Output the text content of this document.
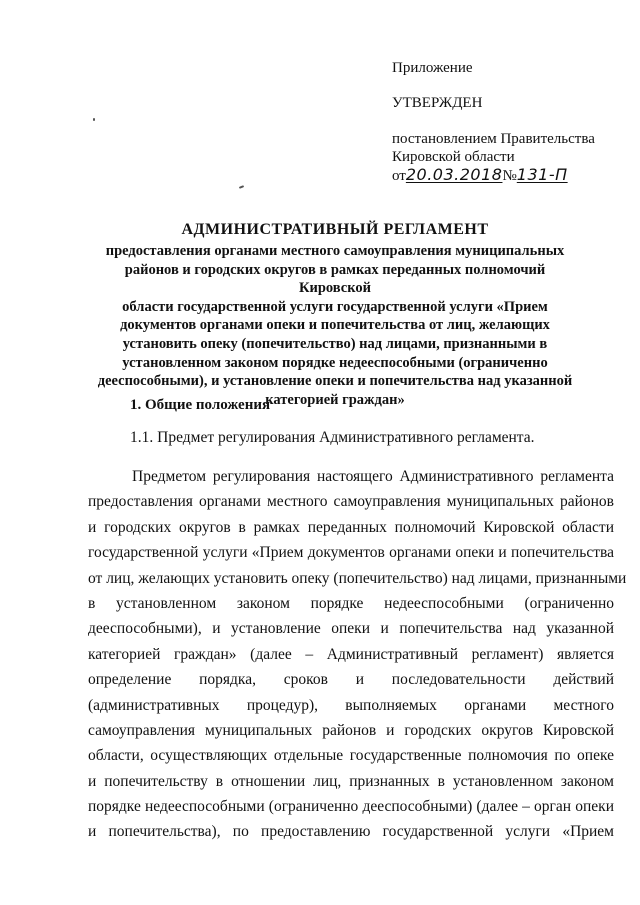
Приложение
УТВЕРЖДЕН
постановлением Правительства
Кировской области
от20.03.2018№131-П

АДМИНИСТРАТИВНЫЙ РЕГЛАМЕНТ

предоставления органами местного самоуправления муниципальных
районов и городских округов в рамках переданных полномочий Кировской
области государственной услуги государственной услуги «Прием
документов органами опеки и попечительства от лиц, желающих
установить опеку (попечительство) над лицами, признанными в
установленном законом порядке недееспособными (ограниченно
дееспособными), и установление опеки и попечительства над указанной
категорией граждан»

1. Общие положения
1.1. Предмет регулирования Административного регламента.
Предметом регулирования настоящего Административного регламента
предоставления органами местного самоуправления муниципальных районов
и городских округов в рамках переданных полномочий Кировской области
государственной услуги «Прием документов органами опеки и попечительства
от лиц, желающих установить опеку (попечительство) над лицами, признанными
в установленном законом порядке недееспособными (ограниченно
дееспособными), и установление опеки и попечительства над указанной
категорией граждан» (далее – Административный регламент) является
определение порядка, сроков и последовательности действий
(административных процедур), выполняемых органами местного
самоуправления муниципальных районов и городских округов Кировской
области, осуществляющих отдельные государственные полномочия по опеке
и попечительству в отношении лиц, признанных в установленном законом
порядке недееспособными (ограниченно дееспособными) (далее – орган опеки
и попечительства), по предоставлению государственной услуги «Прием
